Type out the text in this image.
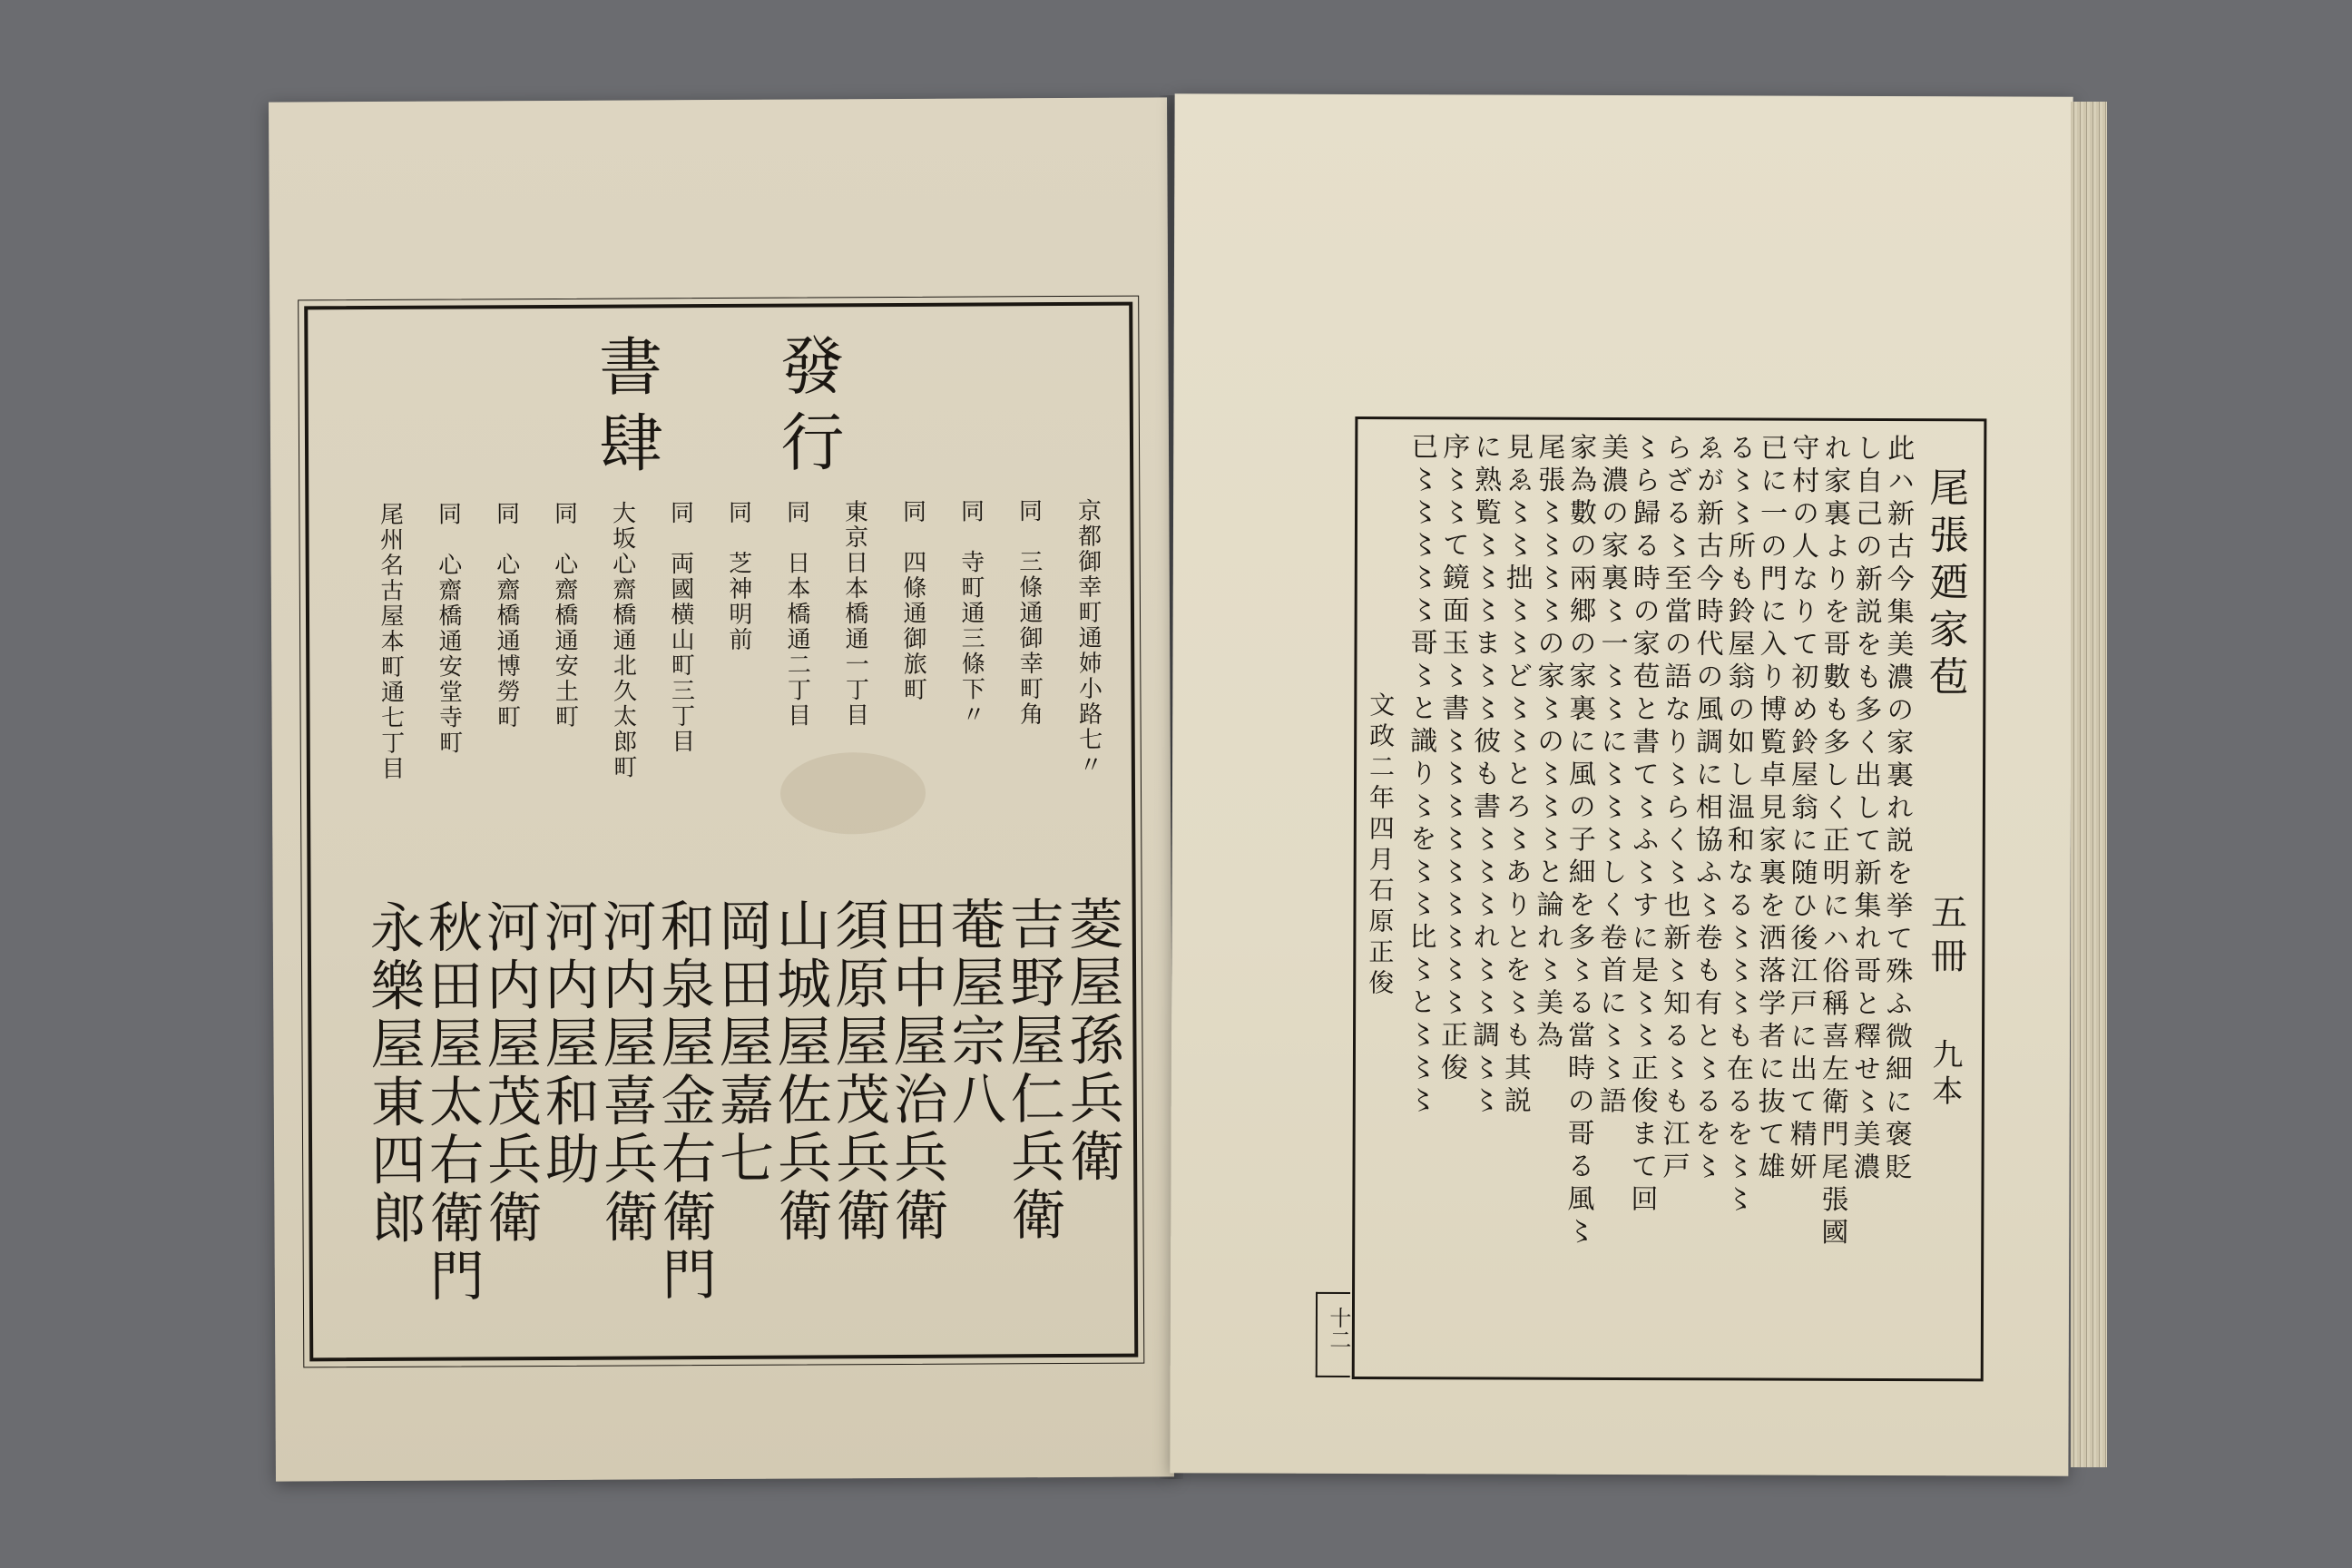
發行
書肆
京都御幸町通姉小路七〃
同　三條通御幸町角
同　寺町通三條下〃
同　四條通御旅町
東京日本橋通一丁目
同　日本橋通二丁目
同　芝神明前
同　両國横山町三丁目
大坂心齋橋通北久太郎町
同　心齋橋通安土町
同　心齋橋通博勞町
同　心齋橋通安堂寺町
尾州名古屋本町通七丁目
菱屋孫兵衛
吉野屋仁兵衛
菴屋宗八
田中屋治兵衛
須原屋茂兵衛
山城屋佐兵衛
岡田屋嘉七
和泉屋金右衛門
河内屋喜兵衛
河内屋和助
河内屋茂兵衛
秋田屋太右衛門
永樂屋東四郎
尾張廼家苞
五冊
九本
此ハ新古今集美濃の家裏れ説を挙て殊ふ微細に褒貶
し自己の新説をも多く出して新集れ哥と釋せ〻美濃
れ家裏よりを哥數も多しく正明にハ俗稱喜左衛門尾張國
守村の人なりて初め鈴屋翁に随ひ後江戸に出て精妍
已に一の門に入り博覧卓見家裏を洒落学者に抜て雄
る〻〻所も鈴屋翁の如し温和なる〻〻〻も在るを〻〻
ゑが新古今時代の風調に相協ふ〻卷も有と〻るを〻
らざる〻至當の語なり〻らく〻也新〻知る〻も江戸
〻ら歸る時の家苞と書て〻ふ〻すに是〻〻正俊まて回
美濃の家裏〻一〻〻に〻〻〻しく卷首に〻〻語
家為數の兩郷の家裏に風の子細を多〻る當時の哥る風〻
尾張〻〻〻〻の家〻の〻〻〻と論れ〻美為
見ゑ〻〻拙〻〻ど〻〻とろ〻ありとを〻も其説
に熟覧〻〻〻ま〻〻彼も書〻〻〻れ〻〻調〻〻
序〻〻て鏡面玉〻書〻〻〻〻〻〻〻〻〻正俊
已〻〻〻〻〻哥〻と識り〻を〻〻比〻と〻〻〻
文政二年四月石原正俊
十二
